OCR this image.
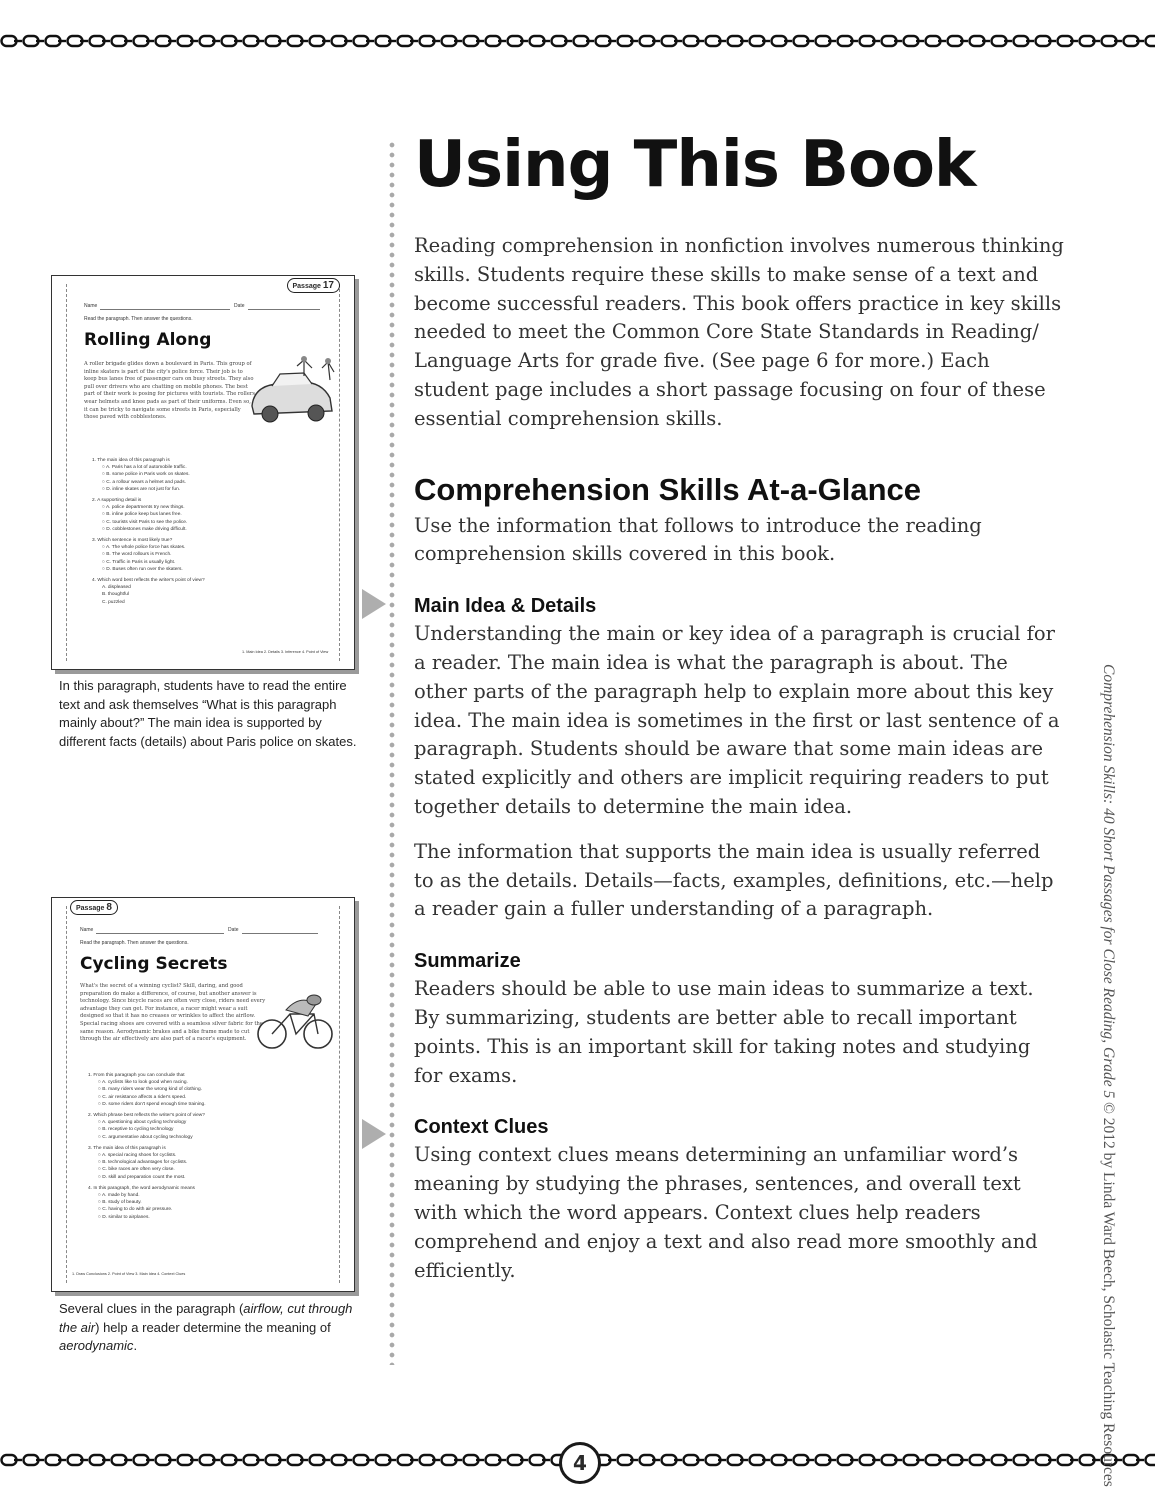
4
Using This Book

Reading comprehension in nonfiction involves numerous thinking skills. Students require these skills to make sense of a text and become successful readers. This book offers practice in key skills needed to meet the Common Core State Standards in Reading/ Language Arts for grade five. (See page 6 for more.) Each student page includes a short passage focusing on four of these essential comprehension skills.

Comprehension Skills At-a-Glance

Use the information that follows to introduce the reading comprehension skills covered in this book.

Main Idea & Details

Understanding the main or key idea of a paragraph is crucial for a reader. The main idea is what the paragraph is about. The other parts of the paragraph help to explain more about this key idea. The main idea is sometimes in the first or last sentence of a paragraph. Students should be aware that some main ideas are stated explicitly and others are implicit requiring readers to put together details to determine the main idea.

The information that supports the main idea is usually referred to as the details. Details—facts, examples, definitions, etc.—help a reader gain a fuller understanding of a paragraph.

Summarize

Readers should be able to use main ideas to summarize a text. By summarizing, students are better able to recall important points. This is an important skill for taking notes and studying for exams.

Context Clues

Using context clues means determining an unfamiliar word’s meaning by studying the phrases, sentences, and overall text with which the word appears. Context clues help readers comprehend and enjoy a text and also read more smoothly and efficiently.

Comprehension Skills: 40 Short Passages for Close Reading, Grade 5 © 2012 by Linda Ward Beech, Scholastic Teaching Resources
Passage 17
Name	Date
Read the paragraph. Then answer the questions.
Rolling Along
A roller brigade glides down a boulevard in Paris. This group of inline skaters is part of the city's police force. Their job is to keep bus lanes free of passenger cars on busy streets. They also pull over drivers who are chatting on mobile phones. The best part of their work is posing for pictures with tourists. The rollers wear helmets and knee pads as part of their uniforms. Even so, it can be tricky to navigate some streets in Paris, especially those paved with cobblestones.
1. The main idea of this paragraph is
○ A. Paris has a lot of automobile traffic.
○ B. some police in Paris work on skates.
○ C. a rollour wears a helmet and pads.
○ D. inline skates are not just for fun.
2. A supporting detail is
○ A. police departments try new things.
○ B. inline police keep bus lanes free.
○ C. tourists visit Paris to see the police.
○ D. cobblestones make driving difficult.
3. Which sentence is most likely true?
○ A. The whole police force has skates.
○ B. The word rollours is French.
○ C. Traffic in Paris is usually light.
○ D. Buses often run over the skaters.
4. Which word best reflects the writer's point of view?
A. displeased
B. thoughtful
C. puzzled
1. Main Idea 2. Details 3. Inference 4. Point of View
In this paragraph, students have to read the entire text and ask themselves “What is this paragraph mainly about?” The main idea is supported by different facts (details) about Paris police on skates.
Passage 8
Name	Date
Read the paragraph. Then answer the questions.
Cycling Secrets
What's the secret of a winning cyclist? Skill, daring, and good preparation do make a difference, of course, but another answer is technology. Since bicycle races are often very close, riders need every advantage they can get. For instance, a racer might wear a suit designed so that it has no creases or wrinkles to affect the airflow. Special racing shoes are covered with a seamless silver fabric for the same reason. Aerodynamic brakes and a bike frame made to cut through the air effectively are also part of a racer's equipment.
1. From this paragraph you can conclude that
○ A. cyclists like to look good when racing.
○ B. many riders wear the wrong kind of clothing.
○ C. air resistance affects a rider's speed.
○ D. some riders don't spend enough time training.
2. Which phrase best reflects the writer's point of view?
○ A. questioning about cycling technology
○ B. receptive to cycling technology
○ C. argumentative about cycling technology
3. The main idea of this paragraph is
○ A. special racing shoes for cyclists.
○ B. technological advantages for cyclists.
○ C. bike races are often very close.
○ D. skill and preparation count the most.
4. In this paragraph, the word aerodynamic means
○ A. made by hand.
○ B. study of beauty.
○ C. having to do with air pressure.
○ D. similar to airplanes.
1. Draw Conclusions 2. Point of View 3. Main Idea 4. Context Clues
Several clues in the paragraph (airflow, cut through the air) help a reader determine the meaning of aerodynamic.
